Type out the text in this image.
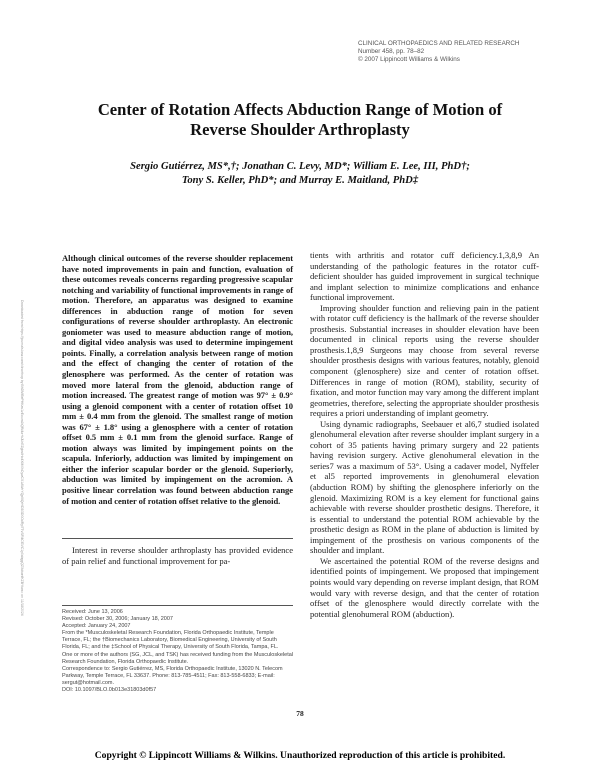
CLINICAL ORTHOPAEDICS AND RELATED RESEARCH
Number 458, pp. 78–82
© 2007 Lippincott Williams & Wilkins
Center of Rotation Affects Abduction Range of Motion of
Reverse Shoulder Arthroplasty
Sergio Gutiérrez, MS*,†; Jonathan C. Levy, MD*; William E. Lee, III, PhD†;
Tony S. Keller, PhD*; and Murray E. Maitland, PhD‡
Downloaded from https://journals.lww.com/clinorthop by BhDMf5ePHKav1zEoum1tQfN4a+kJLhEZgbsIHo4XMi0hCywCX1AWnYQp/IlQrHD3i3D0OdRyi7TvSFl4Cf3VC1y0abggQZXdtwnfKZBYtws= on 11/18/2024

Although clinical outcomes of the reverse shoulder replacement have noted improvements in pain and function, evaluation of these outcomes reveals concerns regarding progressive scapular notching and variability of functional improvements in range of motion. Therefore, an apparatus was designed to examine differences in abduction range of motion for seven configurations of reverse shoulder arthroplasty. An electronic goniometer was used to measure abduction range of motion, and digital video analysis was used to determine impingement points. Finally, a correlation analysis between range of motion and the effect of changing the center of rotation of the glenosphere was performed. As the center of rotation was moved more lateral from the glenoid, abduction range of motion increased. The greatest range of motion was 97° ± 0.9° using a glenoid component with a center of rotation offset 10 mm ± 0.4 mm from the glenoid. The smallest range of motion was 67° ± 1.8° using a glenosphere with a center of rotation offset 0.5 mm ± 0.1 mm from the glenoid surface. Range of motion always was limited by impingement points on the scapula. Inferiorly, adduction was limited by impingement on either the inferior scapular border or the glenoid. Superiorly, abduction was limited by impingement on the acromion. A positive linear correlation was found between abduction range of motion and center of rotation offset relative to the glenoid.

Interest in reverse shoulder arthroplasty has provided evidence of pain relief and functional improvement for pa-

Received: June 13, 2006
Revised: October 30, 2006; January 18, 2007
Accepted: January 24, 2007
From the *Musculoskeletal Research Foundation, Florida Orthopaedic Institute, Temple Terrace, FL; the †Biomechanics Laboratory, Biomedical Engineering, University of South Florida, FL; and the ‡School of Physical Therapy, University of South Florida, Tampa, FL.
One or more of the authors (SG, JCL, and TSK) has received funding from the Musculoskeletal Research Foundation, Florida Orthopaedic Institute.
Correspondence to: Sergio Gutiérrez, MS, Florida Orthopaedic Institute, 13020 N. Telecom Parkway, Temple Terrace, FL 33637. Phone: 813-785-4511; Fax: 813-558-6833; E-mail: sergut@hotmail.com.
DOI: 10.1097/BLO.0b013e31803d0f57

tients with arthritis and rotator cuff deficiency.1,3,8,9 An understanding of the pathologic features in the rotator cuff-deficient shoulder has guided improvement in surgical technique and implant selection to minimize complications and enhance functional improvement.

Improving shoulder function and relieving pain in the patient with rotator cuff deficiency is the hallmark of the reverse shoulder prosthesis. Substantial increases in shoulder elevation have been documented in clinical reports using the reverse shoulder prosthesis.1,8,9 Surgeons may choose from several reverse shoulder prosthesis designs with various features, notably, glenoid component (glenosphere) size and center of rotation offset. Differences in range of motion (ROM), stability, security of fixation, and motor function may vary among the different implant geometries, therefore, selecting the appropriate shoulder prosthesis requires a priori understanding of implant geometry.

Using dynamic radiographs, Seebauer et al6,7 studied isolated glenohumeral elevation after reverse shoulder implant surgery in a cohort of 35 patients having primary surgery and 22 patients having revision surgery. Active glenohumeral elevation in the series7 was a maximum of 53°. Using a cadaver model, Nyffeler et al5 reported improvements in glenohumeral elevation (abduction ROM) by shifting the glenosphere inferiorly on the glenoid. Maximizing ROM is a key element for functional gains achievable with reverse shoulder prosthetic designs. Therefore, it is essential to understand the potential ROM achievable by the prosthetic design as ROM in the plane of abduction is limited by impingement of the prosthesis on various components of the shoulder and implant.

We ascertained the potential ROM of the reverse designs and identified points of impingement. We proposed that impingement points would vary depending on reverse implant design, that ROM would vary with reverse design, and that the center of rotation offset of the glenosphere would directly correlate with the potential glenohumeral ROM (abduction).

78
Copyright © Lippincott Williams & Wilkins. Unauthorized reproduction of this article is prohibited.
